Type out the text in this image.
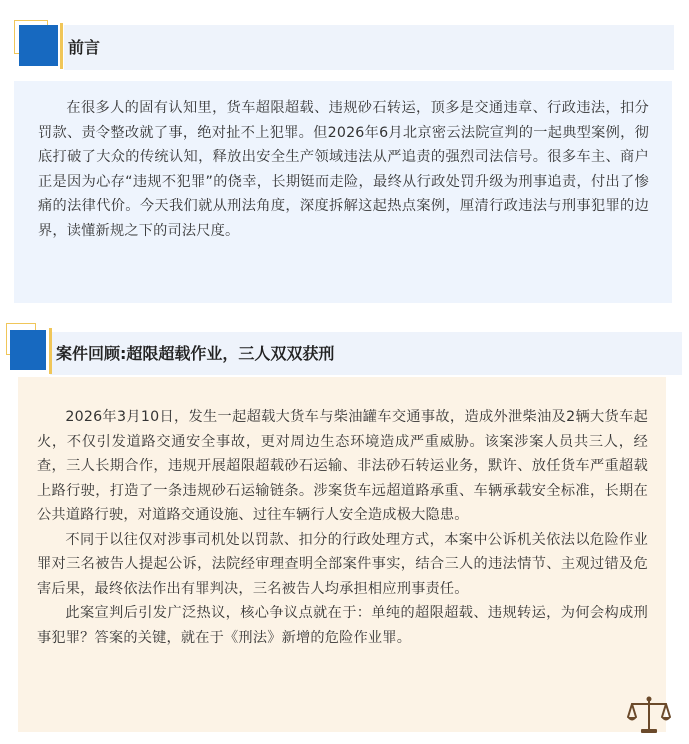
前言

在很多人的固有认知里，货车超限超载、违规砂石转运，顶多是交通违章、行政违法，扣分罚款、责令整改就了事，绝对扯不上犯罪。但2026年6月北京密云法院宣判的一起典型案例，彻底打破了大众的传统认知，释放出安全生产领域违法从严追责的强烈司法信号。很多车主、商户正是因为心存“违规不犯罪”的侥幸，长期铤而走险，最终从行政处罚升级为刑事追责，付出了惨痛的法律代价。今天我们就从刑法角度，深度拆解这起热点案例，厘清行政违法与刑事犯罪的边界，读懂新规之下的司法尺度。

案件回顾:超限超载作业，三人双双获刑

2026年3月10日，发生一起超载大货车与柴油罐车交通事故，造成外泄柴油及2辆大货车起火，不仅引发道路交通安全事故，更对周边生态环境造成严重威胁。该案涉案人员共三人，经查，三人长期合作，违规开展超限超载砂石运输、非法砂石转运业务，默许、放任货车严重超载上路行驶，打造了一条违规砂石运输链条。涉案货车远超道路承重、车辆承载安全标准，长期在公共道路行驶，对道路交通设施、过往车辆行人安全造成极大隐患。

不同于以往仅对涉事司机处以罚款、扣分的行政处理方式，本案中公诉机关依法以危险作业罪对三名被告人提起公诉，法院经审理查明全部案件事实，结合三人的违法情节、主观过错及危害后果，最终依法作出有罪判决，三名被告人均承担相应刑事责任。

此案宣判后引发广泛热议，核心争议点就在于：单纯的超限超载、违规转运，为何会构成刑事犯罪？答案的关键，就在于《刑法》新增的危险作业罪。
